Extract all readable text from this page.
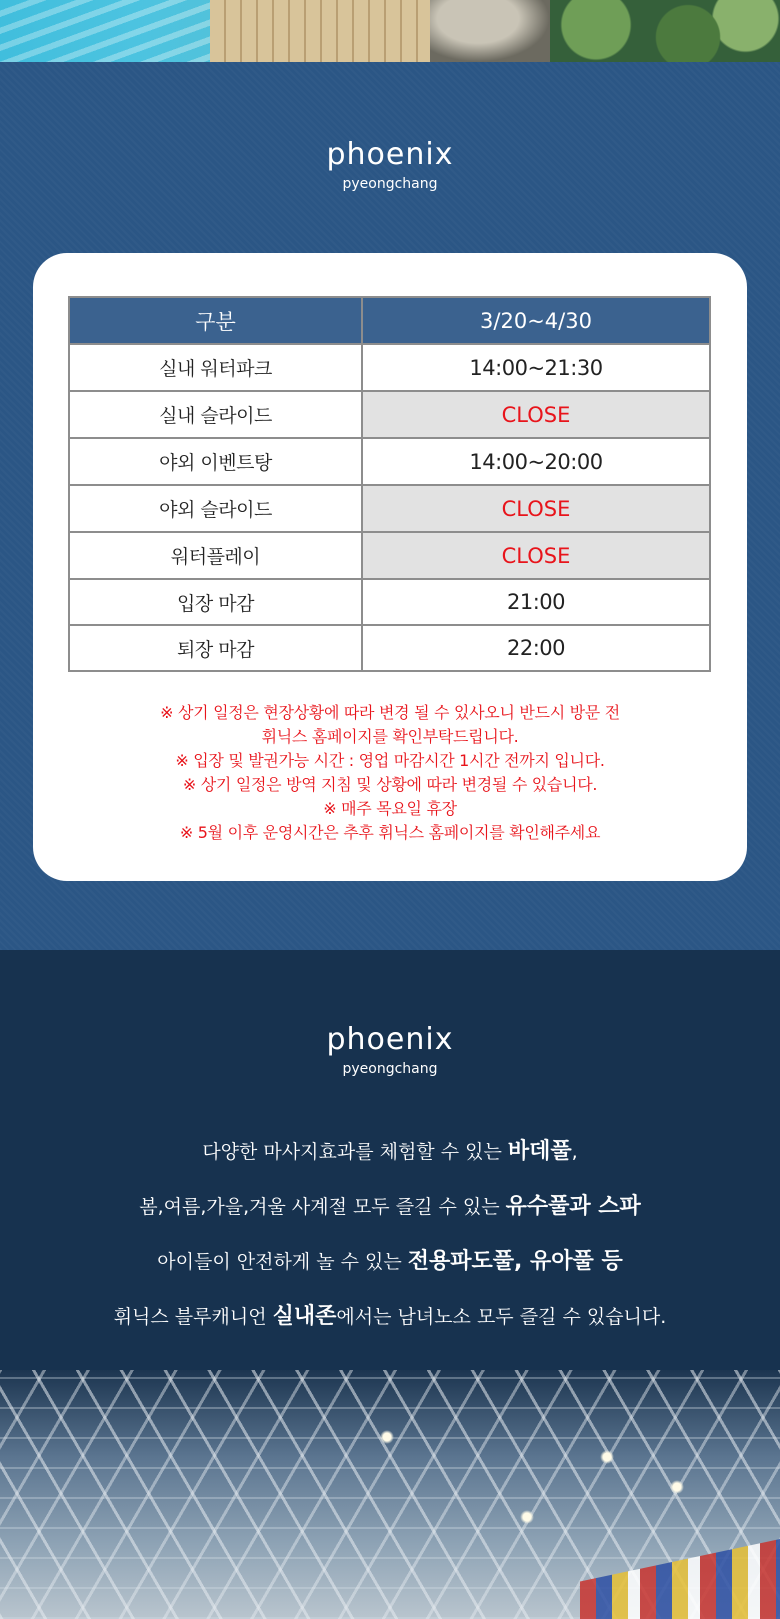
phoenix
pyeongchang
구분	3/20~4/30
실내 워터파크	14:00~21:30
실내 슬라이드	CLOSE
야외 이벤트탕	14:00~20:00
야외 슬라이드	CLOSE
워터플레이	CLOSE
입장 마감	21:00
퇴장 마감	22:00
※ 상기 일정은 현장상황에 따라 변경 될 수 있사오니 반드시 방문 전
휘닉스 홈페이지를 확인부탁드립니다.
※ 입장 및 발권가능 시간 : 영업 마감시간 1시간 전까지 입니다.
※ 상기 일정은 방역 지침 및 상황에 따라 변경될 수 있습니다.
※ 매주 목요일 휴장
※ 5월 이후 운영시간은 추후 휘닉스 홈페이지를 확인해주세요
phoenix
pyeongchang
다양한 마사지효과를 체험할 수 있는 바데풀,
봄,여름,가을,겨울 사계절 모두 즐길 수 있는 유수풀과 스파
아이들이 안전하게 놀 수 있는 전용파도풀, 유아풀 등
휘닉스 블루캐니언 실내존에서는 남녀노소 모두 즐길 수 있습니다.
